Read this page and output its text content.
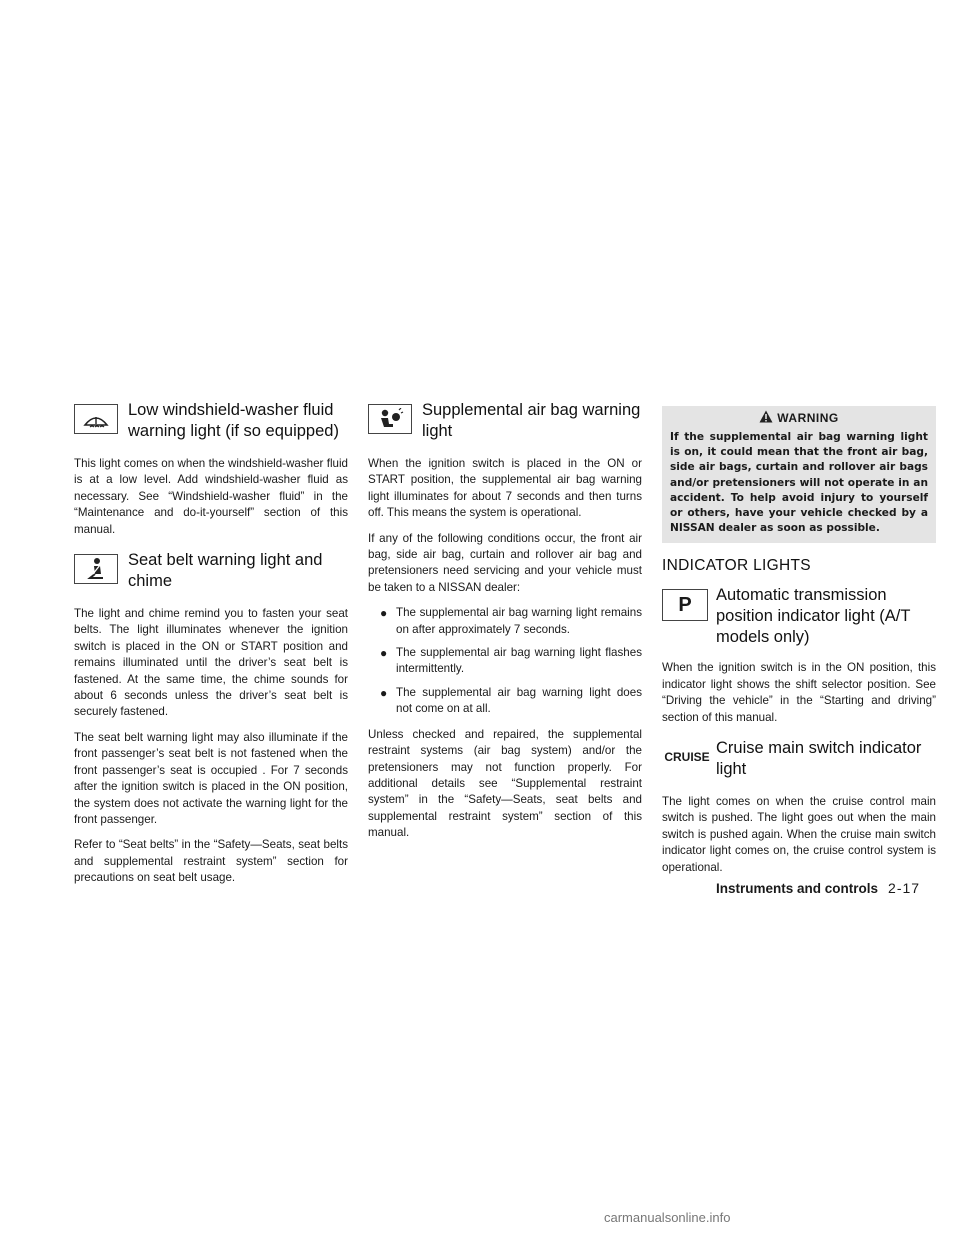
Low windshield-washer fluid warning light (if so equipped)

This light comes on when the windshield-washer fluid is at a low level. Add windshield-washer fluid as necessary. See “Windshield-washer fluid” in the “Maintenance and do-it-yourself” section of this manual.

Seat belt warning light and chime

The light and chime remind you to fasten your seat belts. The light illuminates whenever the ignition switch is placed in the ON or START position and remains illuminated until the driver’s seat belt is fastened. At the same time, the chime sounds for about 6 seconds unless the driver’s seat belt is securely fastened.

The seat belt warning light may also illuminate if the front passenger’s seat belt is not fastened when the front passenger’s seat is occupied . For 7 seconds after the ignition switch is placed in the ON position, the system does not activate the warning light for the front passenger.

Refer to “Seat belts” in the “Safety—Seats, seat belts and supplemental restraint system” section for precautions on seat belt usage.

Supplemental air bag warning light

When the ignition switch is placed in the ON or START position, the supplemental air bag warning light illuminates for about 7 seconds and then turns off. This means the system is operational.

If any of the following conditions occur, the front air bag, side air bag, curtain and rollover air bag and pretensioners need servicing and your vehicle must be taken to a NISSAN dealer:

● The supplemental air bag warning light remains on after approximately 7 seconds.
● The supplemental air bag warning light flashes intermittently.
● The supplemental air bag warning light does not come on at all.

Unless checked and repaired, the supplemental restraint systems (air bag system) and/or the pretensioners may not function properly. For additional details see “Supplemental restraint system” in the “Safety—Seats, seat belts and supplemental restraint system” section of this manual.

WARNING
If the supplemental air bag warning light is on, it could mean that the front air bag, side air bags, curtain and rollover air bags and/or pretensioners will not operate in an accident. To help avoid injury to yourself or others, have your vehicle checked by a NISSAN dealer as soon as possible.
INDICATOR LIGHTS
P	Automatic transmission position indicator light (A/T models only)

When the ignition switch is in the ON position, this indicator light shows the shift selector position. See “Driving the vehicle” in the “Starting and driving” section of this manual.

CRUISE Cruise main switch indicator light

The light comes on when the cruise control main switch is pushed. The light goes out when the main switch is pushed again. When the cruise main switch indicator light comes on, the cruise control system is operational.

Instruments and controls 2-17
carmanualsonline.info
